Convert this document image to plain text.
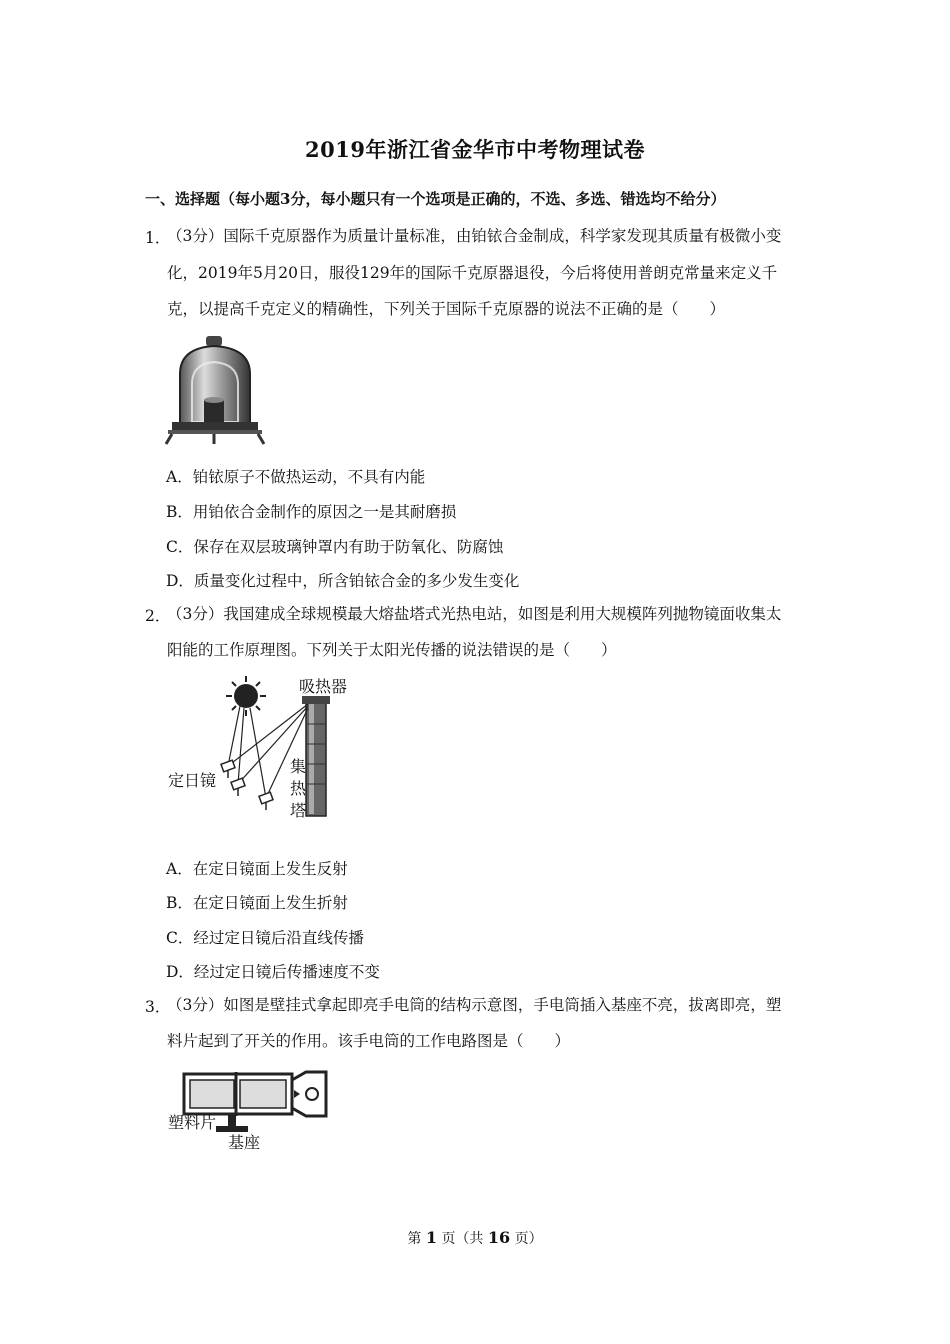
2019年浙江省金华市中考物理试卷
一、选择题（每小题3分，每小题只有一个选项是正确的，不选、多选、错选均不给分）
1．
（3分）国际千克原器作为质量计量标准，由铂铱合金制成，科学家发现其质量有极微小变
化，2019年5月20日，服役129年的国际千克原器退役，今后将使用普朗克常量来定义千
克，以提高千克定义的精确性，下列关于国际千克原器的说法不正确的是（　　）
A．铂铱原子不做热运动，不具有内能
B．用铂依合金制作的原因之一是其耐磨损
C．保存在双层玻璃钟罩内有助于防氧化、防腐蚀
D．质量变化过程中，所含铂铱合金的多少发生变化
2．
（3分）我国建成全球规模最大熔盐塔式光热电站，如图是利用大规模阵列抛物镜面收集太
阳能的工作原理图。下列关于太阳光传播的说法错误的是（　　）
吸热器
定日镜
集
热
塔
A．在定日镜面上发生反射
B．在定日镜面上发生折射
C．经过定日镜后沿直线传播
D．经过定日镜后传播速度不变
3．
（3分）如图是壁挂式拿起即亮手电筒的结构示意图，手电筒插入基座不亮，拔离即亮，塑
料片起到了开关的作用。该手电筒的工作电路图是（　　）
塑料片
基座
第 1 页（共 16 页）
